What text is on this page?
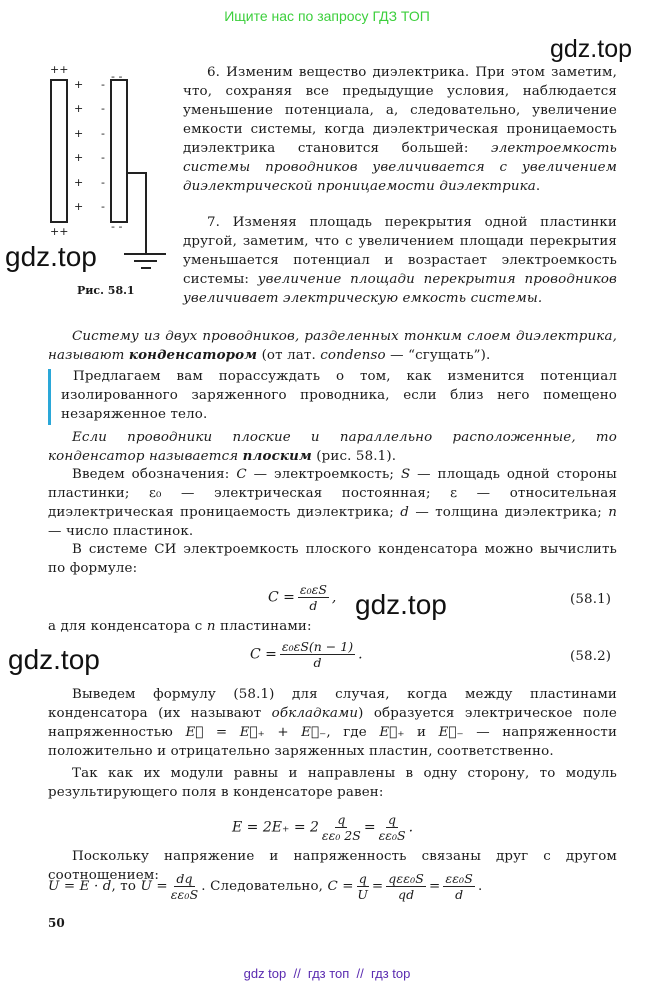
Ищите нас по запросу ГДЗ ТОП
gdz.top
gdz.top
gdz.top
gdz.top
++
++
- -
- -
+
+
+
+
+
+
-
-
-
-
-
-
Рис. 58.1
6. Изменим вещество диэлектрика. При этом заметим, что, сохраняя все предыдущие условия, наблюдается уменьшение потенциала, а, следовательно, увеличение емкости системы, когда диэлектрическая проницаемость диэлектрика становится большей: электроемкость системы проводников увеличивается с увеличением диэлектрической проницаемости диэлектрика.
7. Изменяя площадь перекрытия одной пластинки другой, заметим, что с увеличением площади перекрытия уменьшается потенциал и возрастает электроемкость системы: увеличение площади перекрытия проводников увеличивает электрическую емкость системы.
Систему из двух проводников, разделенных тонким слоем диэлектрика, называют конденсатором (от лат. condenso — “сгущать”).
Предлагаем вам порассуждать о том, как изменится потенциал изолированного заряженного проводника, если близ него помещено незаряженное тело.
Если проводники плоские и параллельно расположенные, то конденсатор называется плоским (рис. 58.1).
Введем обозначения: C — электроемкость; S — площадь одной стороны пластинки; ε₀ — электрическая постоянная; ε — относительная диэлектрическая проницаемость диэлектрика; d — толщина диэлектрика; n — число пластинок.
В системе СИ электроемкость плоского конденсатора можно вычислить по формуле:
$C = \frac{\text{ε₀εS}}{d}$ ,	(58.1)
а для конденсатора с n пластинами:
$C = \frac{\text{ε₀εS(n − 1)}}{d}$ .	(58.2)
Выведем формулу (58.1) для случая, когда между пластинами конденсатора (их называют обкладками) образуется электрическое поле напряженностью E⃗ = E⃗₊ + E⃗₋, где E⃗₊ и E⃗₋ — напряженности положительно и отрицательно заряженных пластин, соответственно.
Так как их модули равны и направлены в одну сторону, то модуль результирующего поля в конденсаторе равен:
$E = 2E_+ = 2 \frac{q}{\text{εε₀ 2S}} = \frac{q}{\text{εε₀S}}$ .
Поскольку напряжение и напряженность связаны друг с другом соотношением:
U = E · d, то $U = \frac{dq}{\text{εε₀S}}$ . Следовательно, $C = \frac{q}{U} = \frac{\text{qεε₀S}}{qd} = \frac{\text{εε₀S}}{d}$ .
50
gdz top  //  гдз топ  //  гдз top
